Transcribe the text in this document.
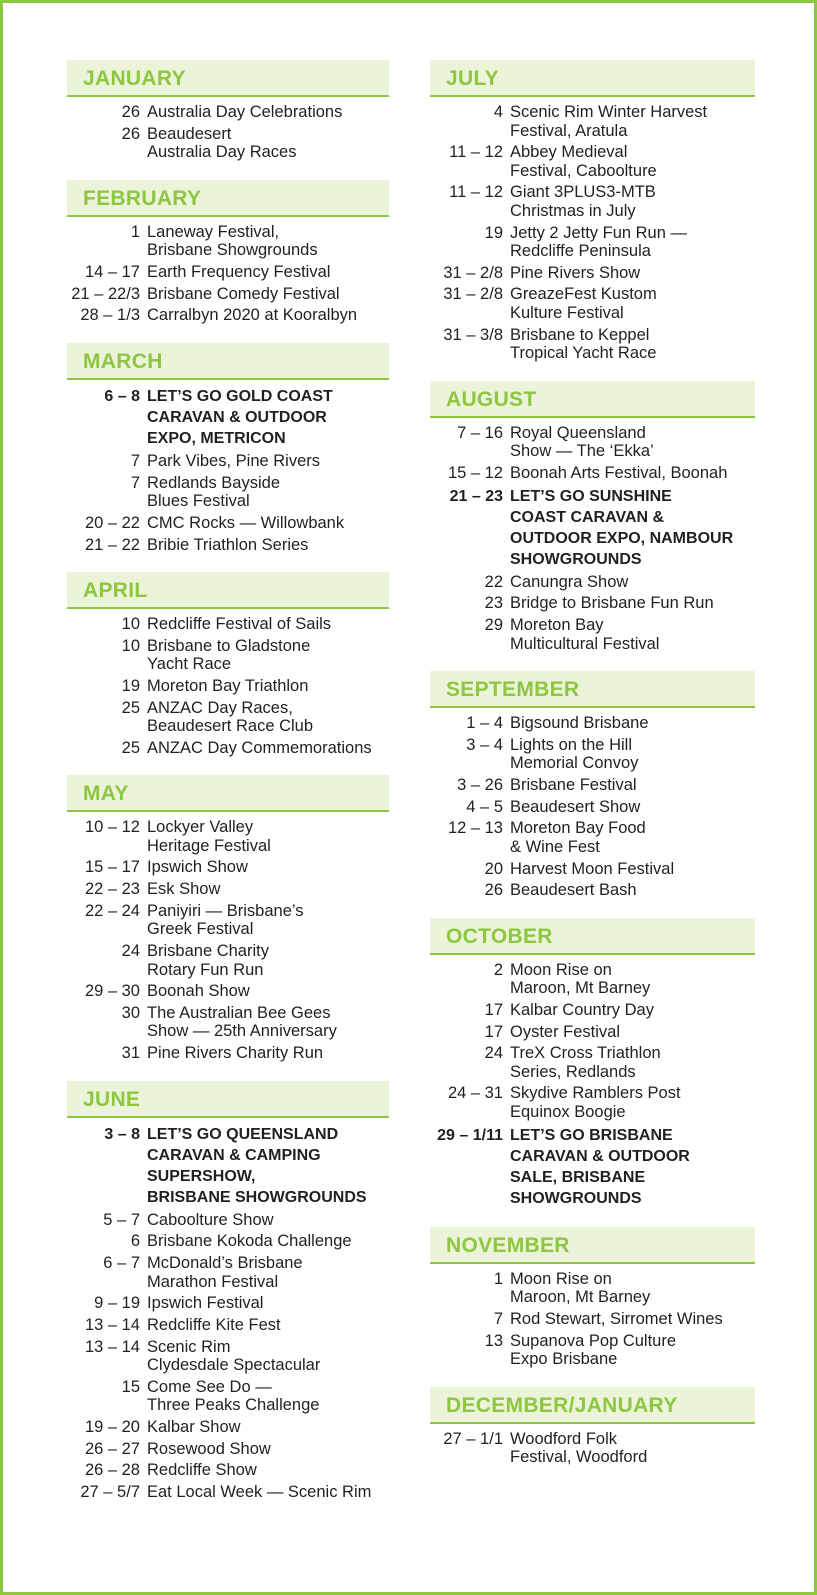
JANUARY
26 Australia Day Celebrations
26 Beaudesert
Australia Day Races
FEBRUARY
1 Laneway Festival,
Brisbane Showgrounds
14 – 17 Earth Frequency Festival
21 – 22/3 Brisbane Comedy Festival
28 – 1/3 Carralbyn 2020 at Kooralbyn
MARCH
6 – 8 LET’S GO GOLD COAST
CARAVAN & OUTDOOR
EXPO, METRICON
7 Park Vibes, Pine Rivers
7 Redlands Bayside
Blues Festival
20 – 22 CMC Rocks — Willowbank
21 – 22 Bribie Triathlon Series
APRIL
10 Redcliffe Festival of Sails
10 Brisbane to Gladstone
Yacht Race
19 Moreton Bay Triathlon
25 ANZAC Day Races,
Beaudesert Race Club
25 ANZAC Day Commemorations
MAY
10 – 12 Lockyer Valley
Heritage Festival
15 – 17 Ipswich Show
22 – 23 Esk Show
22 – 24 Paniyiri — Brisbane’s
Greek Festival
24 Brisbane Charity
Rotary Fun Run
29 – 30 Boonah Show
30 The Australian Bee Gees
Show — 25th Anniversary
31 Pine Rivers Charity Run
JUNE
3 – 8 LET’S GO QUEENSLAND
CARAVAN & CAMPING
SUPERSHOW,
BRISBANE SHOWGROUNDS
5 – 7 Caboolture Show
6 Brisbane Kokoda Challenge
6 – 7 McDonald’s Brisbane
Marathon Festival
9 – 19 Ipswich Festival
13 – 14 Redcliffe Kite Fest
13 – 14 Scenic Rim
Clydesdale Spectacular
15 Come See Do —
Three Peaks Challenge
19 – 20 Kalbar Show
26 – 27 Rosewood Show
26 – 28 Redcliffe Show
27 – 5/7 Eat Local Week — Scenic Rim
JULY
4 Scenic Rim Winter Harvest
Festival, Aratula
11 – 12 Abbey Medieval
Festival, Caboolture
11 – 12 Giant 3PLUS3-MTB
Christmas in July
19 Jetty 2 Jetty Fun Run —
Redcliffe Peninsula
31 – 2/8 Pine Rivers Show
31 – 2/8 GreazeFest Kustom
Kulture Festival
31 – 3/8 Brisbane to Keppel
Tropical Yacht Race
AUGUST
7 – 16 Royal Queensland
Show — The ‘Ekka’
15 – 12 Boonah Arts Festival, Boonah
21 – 23 LET’S GO SUNSHINE
COAST CARAVAN &
OUTDOOR EXPO, NAMBOUR
SHOWGROUNDS
22 Canungra Show
23 Bridge to Brisbane Fun Run
29 Moreton Bay
Multicultural Festival
SEPTEMBER
1 – 4 Bigsound Brisbane
3 – 4 Lights on the Hill
Memorial Convoy
3 – 26 Brisbane Festival
4 – 5 Beaudesert Show
12 – 13 Moreton Bay Food
& Wine Fest
20 Harvest Moon Festival
26 Beaudesert Bash
OCTOBER
2 Moon Rise on
Maroon, Mt Barney
17 Kalbar Country Day
17 Oyster Festival
24 TreX Cross Triathlon
Series, Redlands
24 – 31 Skydive Ramblers Post
Equinox Boogie
29 – 1/11 LET’S GO BRISBANE
CARAVAN & OUTDOOR
SALE, BRISBANE
SHOWGROUNDS
NOVEMBER
1 Moon Rise on
Maroon, Mt Barney
7 Rod Stewart, Sirromet Wines
13 Supanova Pop Culture
Expo Brisbane
DECEMBER/JANUARY
27 – 1/1 Woodford Folk
Festival, Woodford
